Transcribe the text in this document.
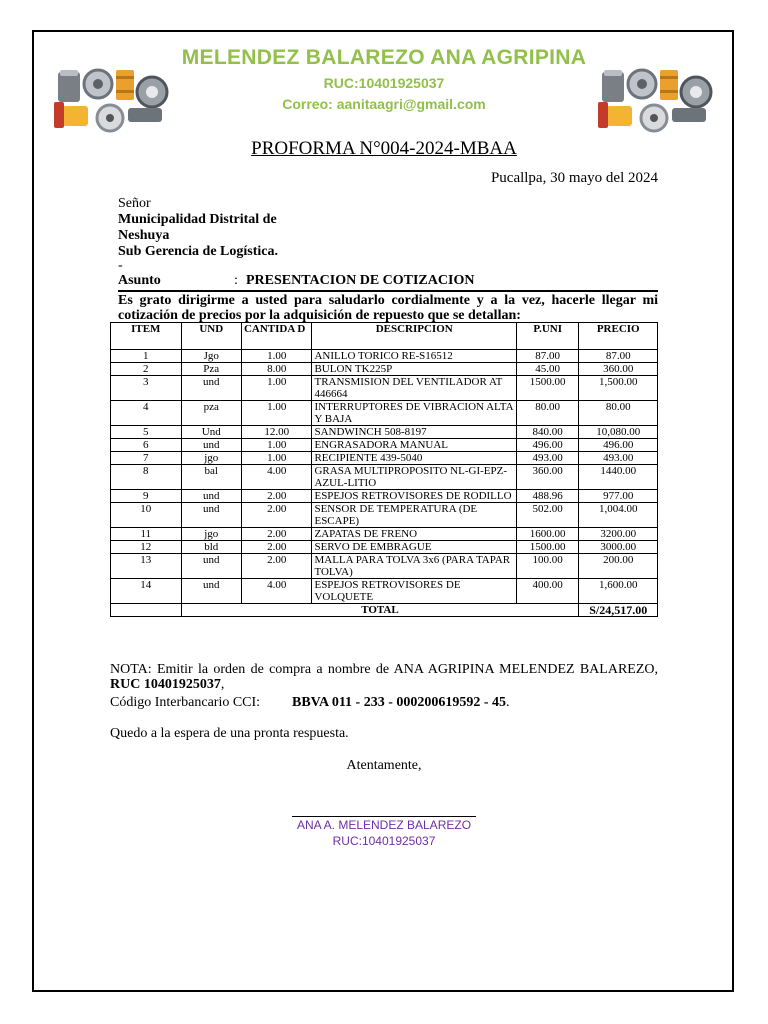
MELENDEZ BALAREZO ANA AGRIPINA
RUC:10401925037
Correo: aanitaagri@gmail.com
PROFORMA N°004-2024-MBAA
Pucallpa, 30 mayo del 2024
Señor
Municipalidad Distrital de
Neshuya
Sub Gerencia de Logística.
-
Asunto	: PRESENTACION DE COTIZACION
Es grato dirigirme a usted para saludarlo cordialmente y a la vez, hacerle llegar mi cotización de precios por la adquisición de repuesto que se detallan:
ITEM	UND	CANTIDA D	DESCRIPCION	P.UNI	PRECIO
1	Jgo	1.00	ANILLO TORICO RE-S16512	87.00	87.00
2	Pza	8.00	BULON TK225P	45.00	360.00
3	und	1.00	TRANSMISION DEL VENTILADOR AT 446664	1500.00	1,500.00
4	pza	1.00	INTERRUPTORES DE VIBRACION ALTA Y BAJA	80.00	80.00
5	Und	12.00	SANDWINCH 508-8197	840.00	10,080.00
6	und	1.00	ENGRASADORA MANUAL	496.00	496.00
7	jgo	1.00	RECIPIENTE 439-5040	493.00	493.00
8	bal	4.00	GRASA MULTIPROPOSITO NL-GI-EPZ-AZUL-LITIO	360.00	1440.00
9	und	2.00	ESPEJOS RETROVISORES DE RODILLO	488.96	977.00
10	und	2.00	SENSOR DE TEMPERATURA (DE ESCAPE)	502.00	1,004.00
11	jgo	2.00	ZAPATAS DE FRENO	1600.00	3200.00
12	bld	2.00	SERVO DE EMBRAGUE	1500.00	3000.00
13	und	2.00	MALLA PARA TOLVA 3x6 (PARA TAPAR TOLVA)	100.00	200.00
14	und	4.00	ESPEJOS RETROVISORES DE VOLQUETE	400.00	1,600.00
	TOTAL				S/24,517.00
NOTA: Emitir la orden de compra a nombre de ANA AGRIPINA MELENDEZ BALAREZO, RUC 10401925037,
Código Interbancario CCI: BBVA 011 - 233 - 000200619592 - 45.
Quedo a la espera de una pronta respuesta.
Atentamente,
ANA A. MELENDEZ BALAREZO
RUC:10401925037
